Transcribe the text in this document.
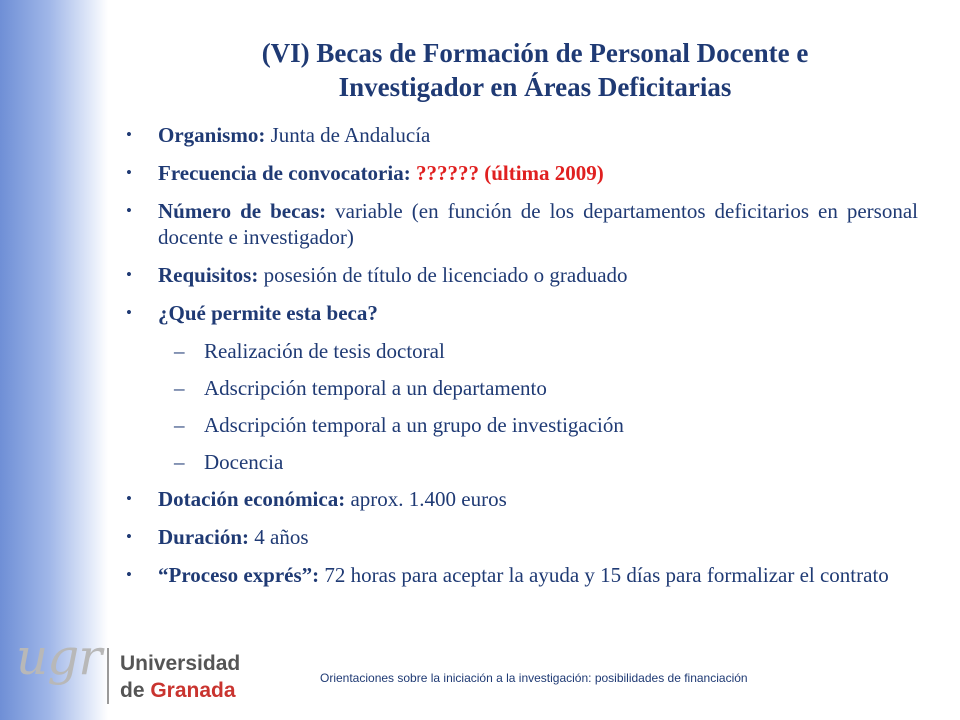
(VI) Becas de Formación de Personal Docente e
Investigador en Áreas Deficitarias
• Organismo: Junta de Andalucía
• Frecuencia de convocatoria: ?????? (última 2009)
• Número de becas: variable (en función de los departamentos deficitarios en personal docente e investigador)
• Requisitos: posesión de título de licenciado o graduado
• ¿Qué permite esta beca?
– Realización de tesis doctoral
– Adscripción temporal a un departamento
– Adscripción temporal a un grupo de investigación
– Docencia
• Dotación económica: aprox. 1.400 euros
• Duración: 4 años
• “Proceso exprés”: 72 horas para aceptar la ayuda y 15 días para formalizar el contrato
ugr Universidad
de Granada
Orientaciones sobre la iniciación a la investigación: posibilidades de financiación
